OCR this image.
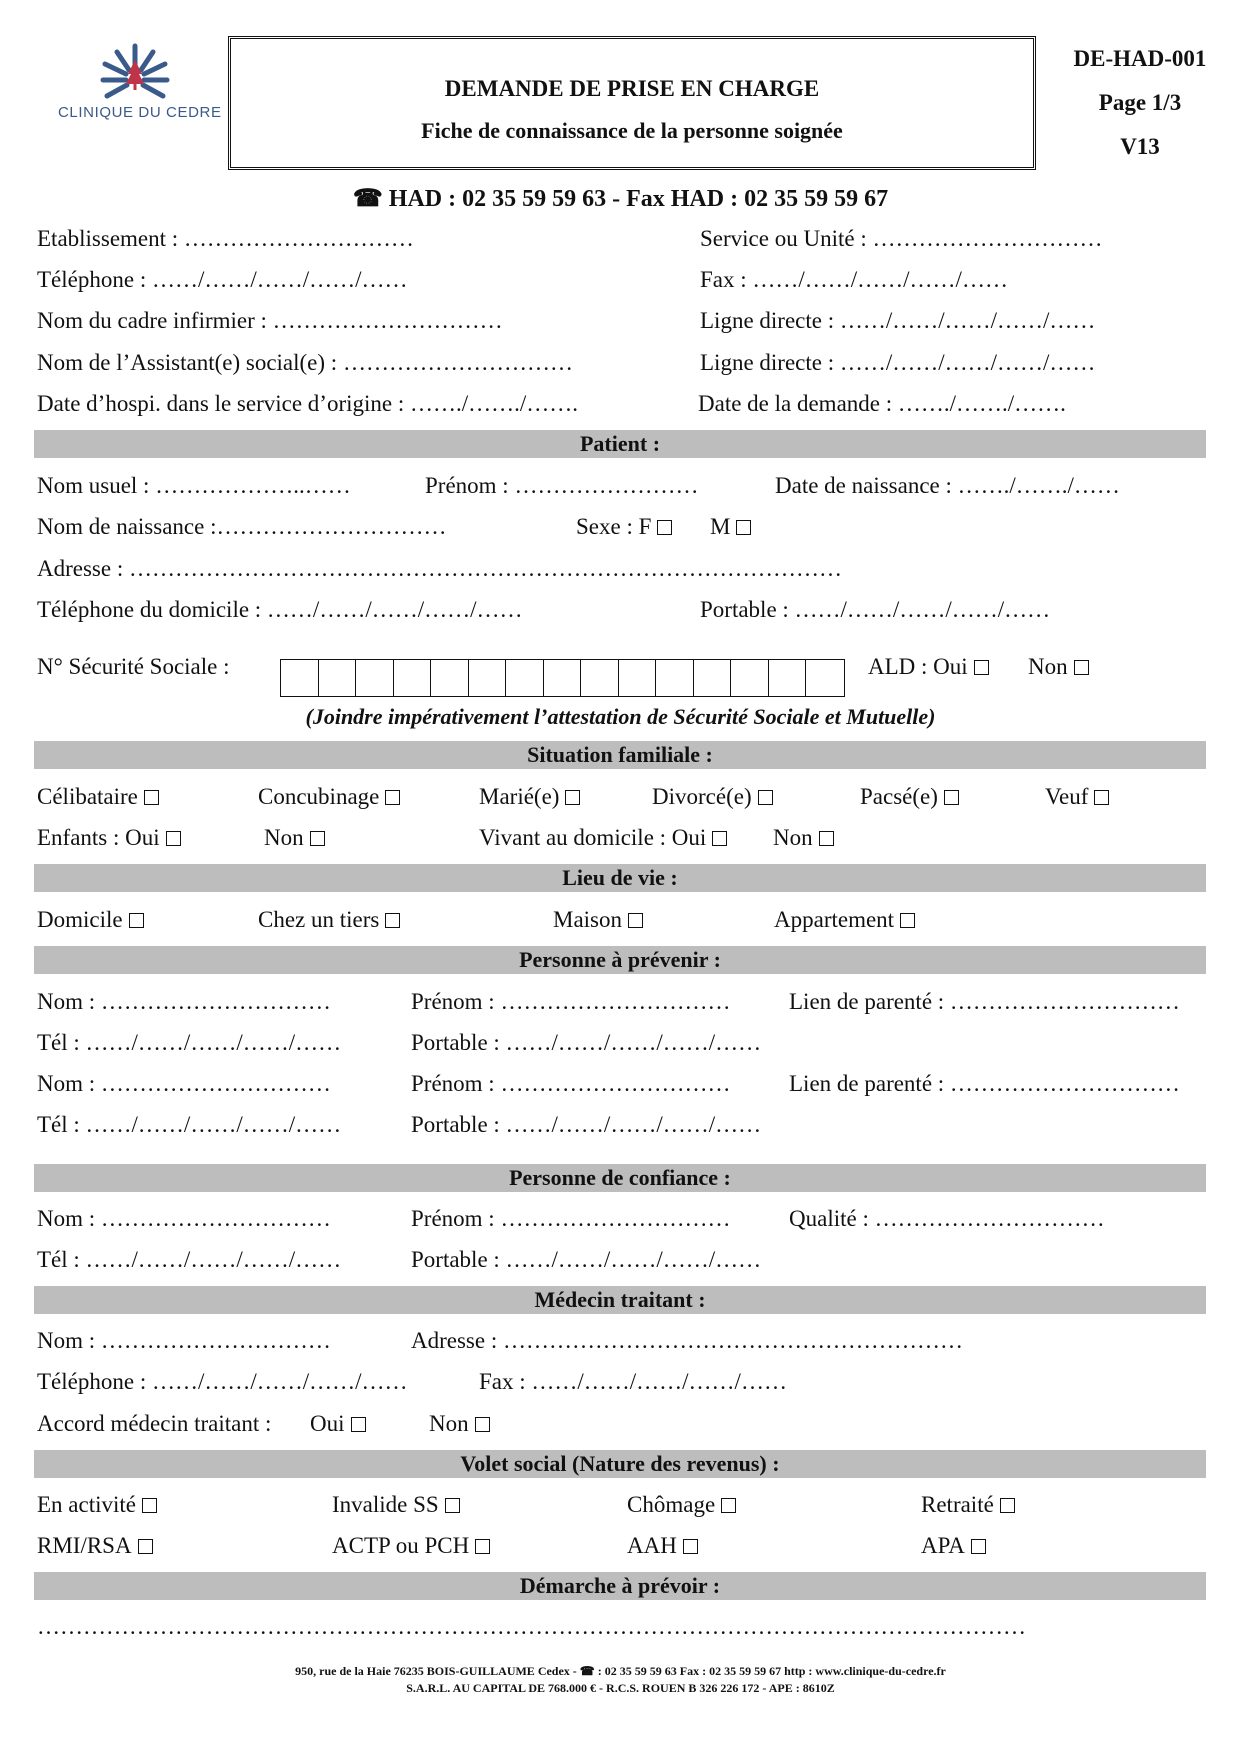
CLINIQUE DU CEDRE
DEMANDE DE PRISE EN CHARGE
Fiche de connaissance de la personne soignée
DE-HAD-001
Page 1/3
V13
☎ HAD : 02 35 59 59 63 - Fax HAD : 02 35 59 59 67
Etablissement : …………………………	Service ou Unité : …………………………
Téléphone : ……/……/……/……/……	Fax : ……/……/……/……/……
Nom du cadre infirmier : …………………………	Ligne directe : ……/……/……/……/……
Nom de l’Assistant(e) social(e) : …………………………	Ligne directe : ……/……/……/……/……
Date d’hospi. dans le service d’origine : ……./……./…….	Date de la demande : ……./……./…….
Patient :
Nom usuel : ………………..……	Prénom : ……………………	Date de naissance : ……./……./……
Nom de naissance :…………………………	Sexe : F	M
Adresse : …………………………………………………………………………………
Téléphone du domicile : ……/……/……/……/……	Portable : ……/……/……/……/……
N° Sécurité Sociale :	ALD : Oui	Non
(Joindre impérativement l’attestation de Sécurité Sociale et Mutuelle)
Situation familiale :
Célibataire	Concubinage	Marié(e)	Divorcé(e)	Pacsé(e)	Veuf
Enfants : Oui	Non	Vivant au domicile : Oui	Non
Lieu de vie :
Domicile	Chez un tiers	Maison	Appartement
Personne à prévenir :
Nom : …………………………	Prénom : …………………………	Lien de parenté : …………………………
Tél : ……/……/……/……/……	Portable : ……/……/……/……/……
Nom : …………………………	Prénom : …………………………	Lien de parenté : …………………………
Tél : ……/……/……/……/……	Portable : ……/……/……/……/……
Personne de confiance :
Nom : …………………………	Prénom : …………………………	Qualité : …………………………
Tél : ……/……/……/……/……	Portable : ……/……/……/……/……
Médecin traitant :
Nom : …………………………	Adresse : ……………………………………………………
Téléphone : ……/……/……/……/……	Fax : ……/……/……/……/……
Accord médecin traitant : Oui	Non
Volet social (Nature des revenus) :
En activité	Invalide SS	Chômage	Retraité
RMI/RSA	ACTP ou PCH	AAH	APA
Démarche à prévoir :
…………………………………………………………………………………………………………………
950, rue de la Haie 76235 BOIS-GUILLAUME Cedex - ☎ : 02 35 59 59 63 Fax : 02 35 59 59 67 http : www.clinique-du-cedre.fr
S.A.R.L. AU CAPITAL DE 768.000 € - R.C.S. ROUEN B 326 226 172 - APE : 8610Z
